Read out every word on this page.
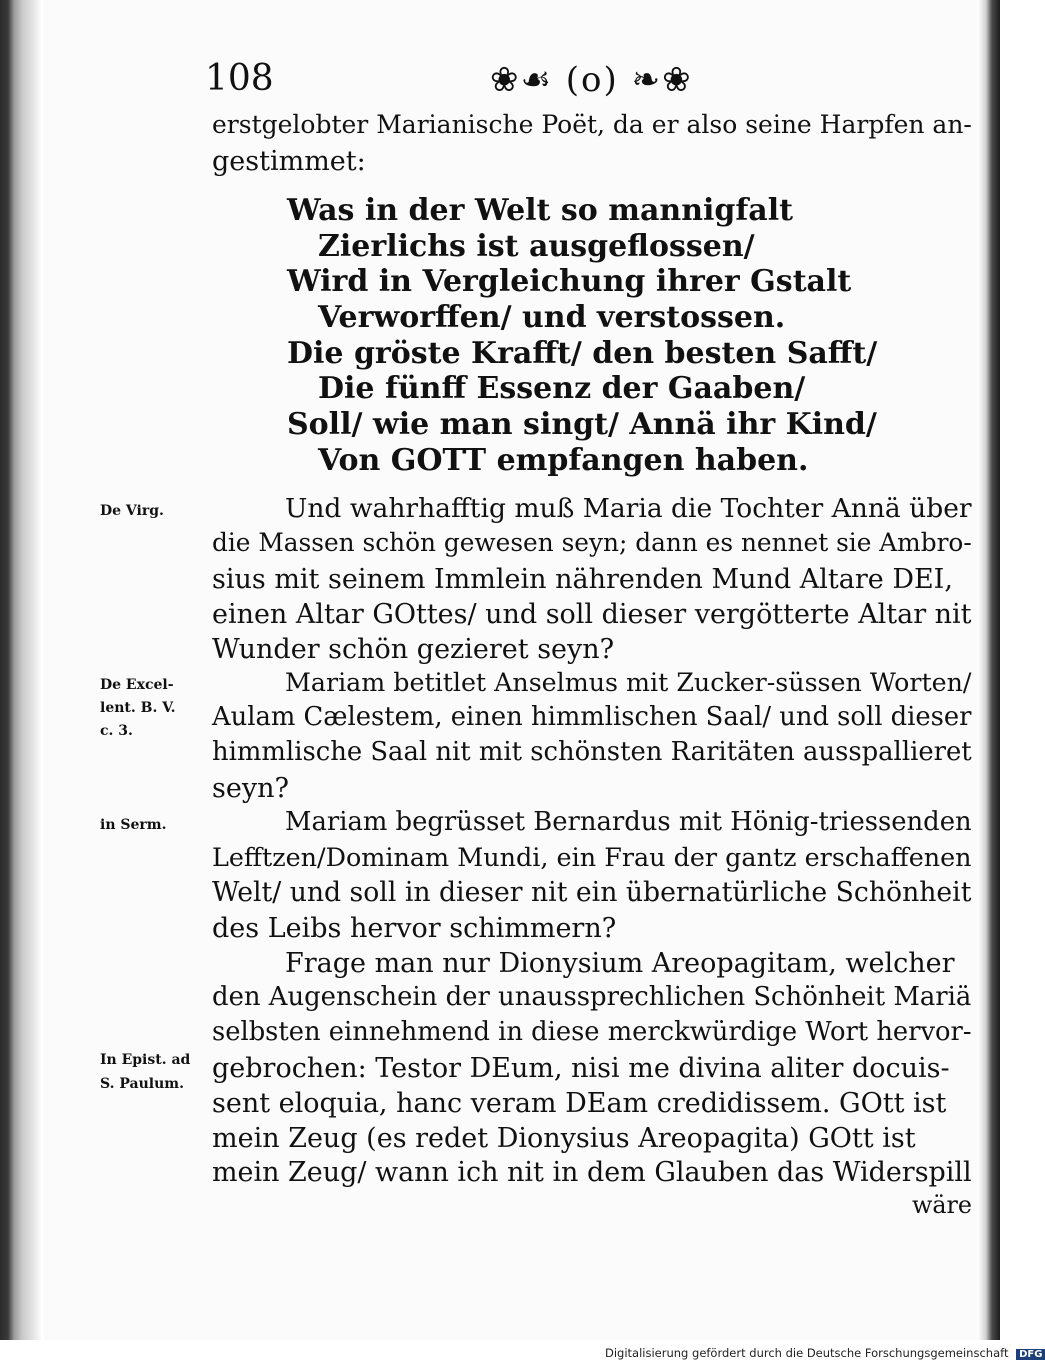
108	❀☙ (o) ❧❀
erstgelobter Marianische Poët, da er also seine Harpfen an-
gestimmet:
Was in der Welt so mannigfalt
Zierlichs ist ausgeflossen/
Wird in Vergleichung ihrer Gstalt
Verworffen/ und verstossen.
Die gröste Krafft/ den besten Safft/
Die fünff Essenz der Gaaben/
Soll/ wie man singt/ Annä ihr Kind/
Von GOTT empfangen haben.
De Virg.	Und wahrhafftig muß Maria die Tochter Annä über
die Massen schön gewesen seyn; dann es nennet sie Ambro-
sius mit seinem Immlein nährenden Mund Altare DEI,
einen Altar GOttes/ und soll dieser vergötterte Altar nit
Wunder schön gezieret seyn?
De Excel-
lent. B. V.
c. 3.
Mariam betitlet Anselmus mit Zucker-süssen Worten/
Aulam Cælestem, einen himmlischen Saal/ und soll dieser
himmlische Saal nit mit schönsten Raritäten ausspallieret
seyn?
in Serm.	Mariam begrüsset Bernardus mit Hönig-triessenden
Lefftzen/Dominam Mundi, ein Frau der gantz erschaffenen
Welt/ und soll in dieser nit ein übernatürliche Schönheit
des Leibs hervor schimmern?
Frage man nur Dionysium Areopagitam, welcher
den Augenschein der unaussprechlichen Schönheit Mariä
selbsten einnehmend in diese merckwürdige Wort hervor-
In Epist. ad
S. Paulum. gebrochen: Testor DEum, nisi me divina aliter docuis-
sent eloquia, hanc veram DEam credidissem. GOtt ist
mein Zeug (es redet Dionysius Areopagita) GOtt ist
mein Zeug/ wann ich nit in dem Glauben das Widerspill
wäre
Digitalisierung gefördert durch die Deutsche Forschungsgemeinschaft DFG
